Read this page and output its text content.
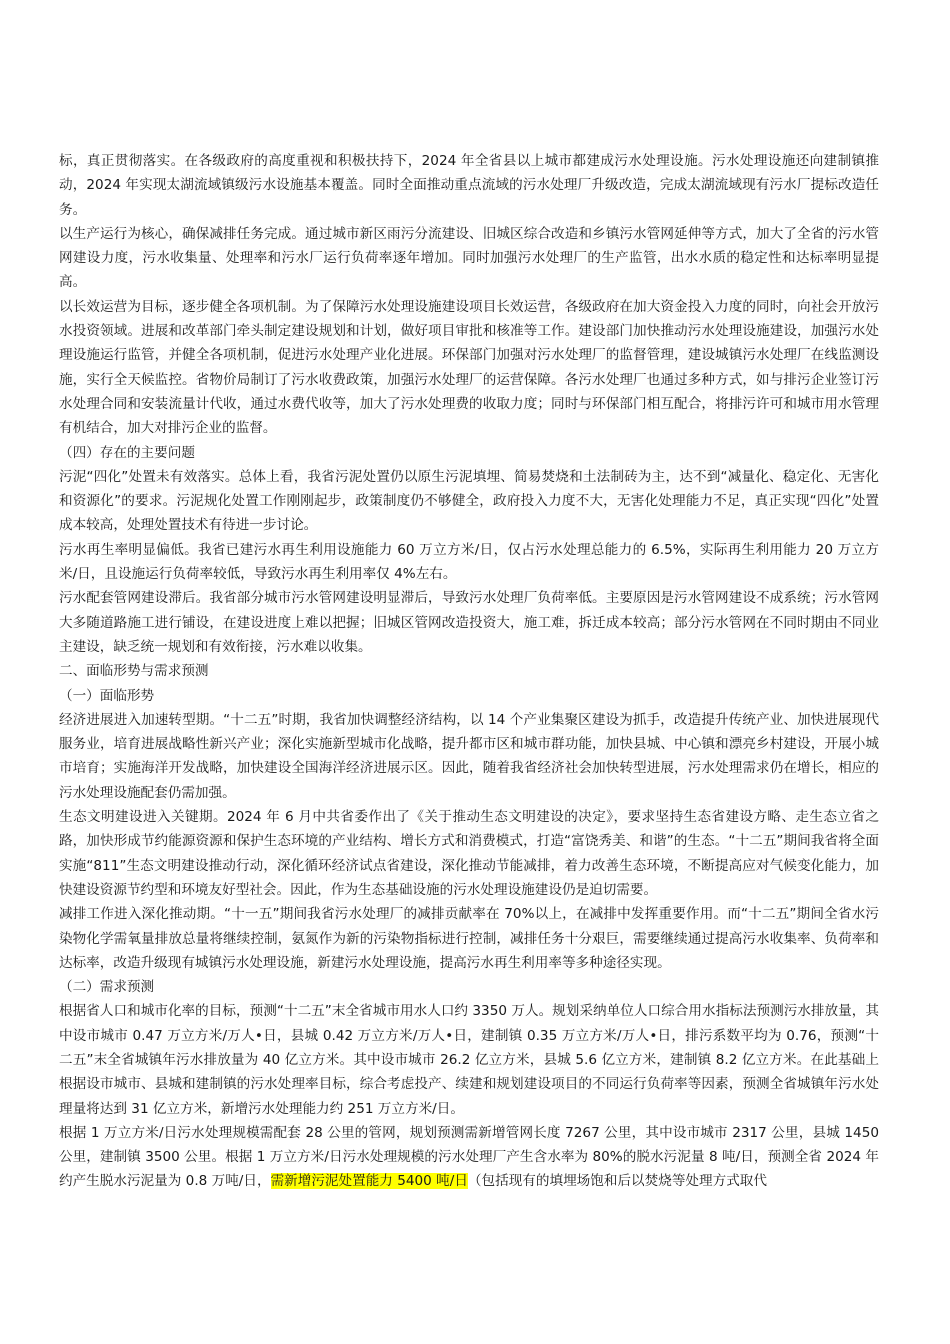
标，真正贯彻落实。在各级政府的高度重视和积极扶持下，2024 年全省县以上城市都建成污水处理设施。污水处理设施还向建制镇推动，2024 年实现太湖流域镇级污水设施基本覆盖。同时全面推动重点流域的污水处理厂升级改造，完成太湖流域现有污水厂提标改造任务。

以生产运行为核心，确保减排任务完成。通过城市新区雨污分流建设、旧城区综合改造和乡镇污水管网延伸等方式，加大了全省的污水管网建设力度，污水收集量、处理率和污水厂运行负荷率逐年增加。同时加强污水处理厂的生产监管，出水水质的稳定性和达标率明显提高。

以长效运营为目标，逐步健全各项机制。为了保障污水处理设施建设项目长效运营，各级政府在加大资金投入力度的同时，向社会开放污水投资领域。进展和改革部门牵头制定建设规划和计划，做好项目审批和核准等工作。建设部门加快推动污水处理设施建设，加强污水处理设施运行监管，并健全各项机制，促进污水处理产业化进展。环保部门加强对污水处理厂的监督管理，建设城镇污水处理厂在线监测设施，实行全天候监控。省物价局制订了污水收费政策，加强污水处理厂的运营保障。各污水处理厂也通过多种方式，如与排污企业签订污水处理合同和安装流量计代收，通过水费代收等，加大了污水处理费的收取力度；同时与环保部门相互配合，将排污许可和城市用水管理有机结合，加大对排污企业的监督。

（四）存在的主要问题

污泥“四化”处置未有效落实。总体上看，我省污泥处置仍以原生污泥填埋、简易焚烧和土法制砖为主，达不到“减量化、稳定化、无害化和资源化”的要求。污泥规化处置工作刚刚起步，政策制度仍不够健全，政府投入力度不大，无害化处理能力不足，真正实现“四化”处置成本较高，处理处置技术有待进一步讨论。

污水再生率明显偏低。我省已建污水再生利用设施能力 60 万立方米/日，仅占污水处理总能力的 6.5%，实际再生利用能力 20 万立方米/日，且设施运行负荷率较低，导致污水再生利用率仅 4%左右。

污水配套管网建设滞后。我省部分城市污水管网建设明显滞后，导致污水处理厂负荷率低。主要原因是污水管网建设不成系统；污水管网大多随道路施工进行铺设，在建设进度上难以把握；旧城区管网改造投资大，施工难，拆迁成本较高；部分污水管网在不同时期由不同业主建设，缺乏统一规划和有效衔接，污水难以收集。

二、面临形势与需求预测

（一）面临形势

经济进展进入加速转型期。“十二五”时期，我省加快调整经济结构，以 14 个产业集聚区建设为抓手，改造提升传统产业、加快进展现代服务业，培育进展战略性新兴产业；深化实施新型城市化战略，提升都市区和城市群功能，加快县城、中心镇和漂亮乡村建设，开展小城市培育；实施海洋开发战略，加快建设全国海洋经济进展示区。因此，随着我省经济社会加快转型进展，污水处理需求仍在增长，相应的污水处理设施配套仍需加强。

生态文明建设进入关键期。2024 年 6 月中共省委作出了《关于推动生态文明建设的决定》，要求坚持生态省建设方略、走生态立省之路，加快形成节约能源资源和保护生态环境的产业结构、增长方式和消费模式，打造“富饶秀美、和谐”的生态。“十二五”期间我省将全面实施“811”生态文明建设推动行动，深化循环经济试点省建设，深化推动节能减排，着力改善生态环境，不断提高应对气候变化能力，加快建设资源节约型和环境友好型社会。因此，作为生态基础设施的污水处理设施建设仍是迫切需要。

减排工作进入深化推动期。“十一五”期间我省污水处理厂的减排贡献率在 70%以上，在减排中发挥重要作用。而“十二五”期间全省水污染物化学需氧量排放总量将继续控制，氨氮作为新的污染物指标进行控制，减排任务十分艰巨，需要继续通过提高污水收集率、负荷率和达标率，改造升级现有城镇污水处理设施，新建污水处理设施，提高污水再生利用率等多种途径实现。

（二）需求预测

根据省人口和城市化率的目标，预测“十二五”末全省城市用水人口约 3350 万人。规划采纳单位人口综合用水指标法预测污水排放量，其中设市城市 0.47 万立方米/万人•日，县城 0.42 万立方米/万人•日，建制镇 0.35 万立方米/万人•日，排污系数平均为 0.76，预测“十二五”末全省城镇年污水排放量为 40 亿立方米。其中设市城市 26.2 亿立方米，县城 5.6 亿立方米，建制镇 8.2 亿立方米。在此基础上根据设市城市、县城和建制镇的污水处理率目标，综合考虑投产、续建和规划建设项目的不同运行负荷率等因素，预测全省城镇年污水处理量将达到 31 亿立方米，新增污水处理能力约 251 万立方米/日。

根据 1 万立方米/日污水处理规模需配套 28 公里的管网，规划预测需新增管网长度 7267 公里，其中设市城市 2317 公里，县城 1450 公里，建制镇 3500 公里。根据 1 万立方米/日污水处理规模的污水处理厂产生含水率为 80%的脱水污泥量 8 吨/日，预测全省 2024 年约产生脱水污泥量为 0.8 万吨/日，需新增污泥处置能力 5400 吨/日（包括现有的填埋场饱和后以焚烧等处理方式取代
